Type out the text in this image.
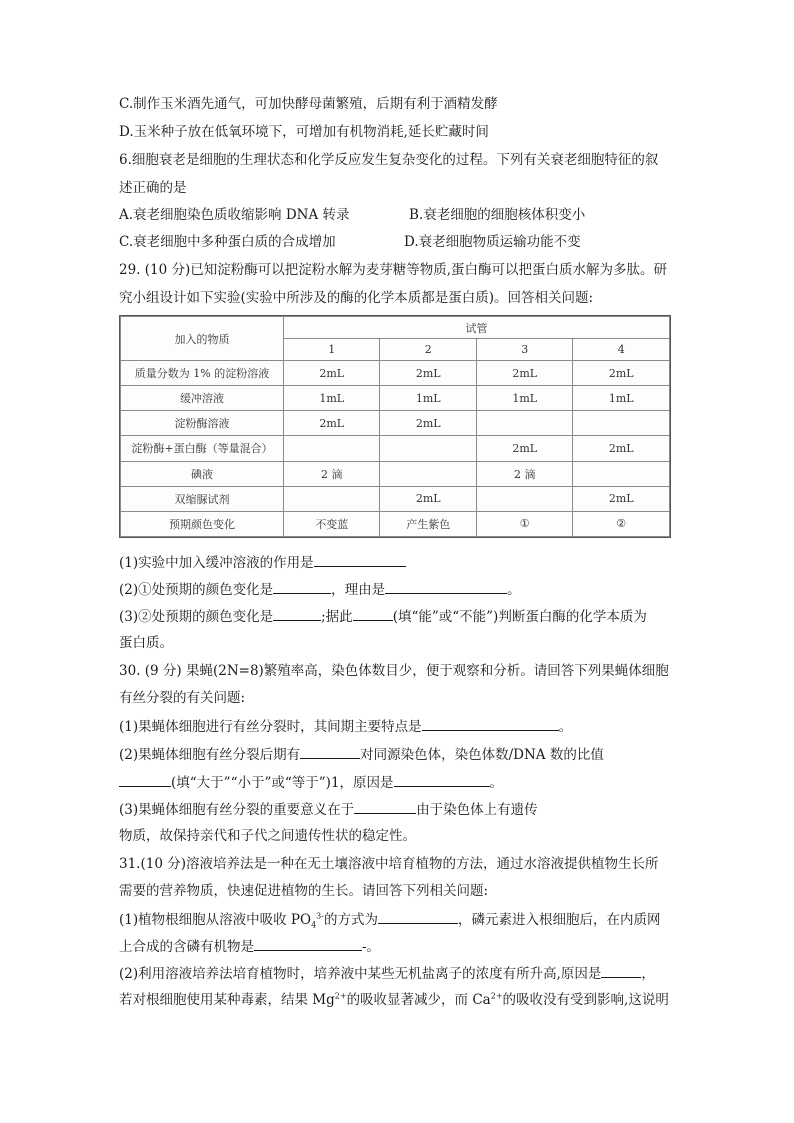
C.制作玉米酒先通气，可加快酵母菌繁殖，后期有利于酒精发酵
D.玉米种子放在低氧环境下，可增加有机物消耗,延长贮藏时间
6.细胞衰老是细胞的生理状态和化学反应发生复杂变化的过程。下列有关衰老细胞特征的叙
述正确的是
A.衰老细胞染色质收缩影响 DNA 转录	B.衰老细胞的细胞核体积变小
C.衰老细胞中多种蛋白质的合成增加	D.衰老细胞物质运输功能不变
29. (10 分)已知淀粉酶可以把淀粉水解为麦芽糖等物质,蛋白酶可以把蛋白质水解为多肽。研
究小组设计如下实验(实验中所涉及的酶的化学本质都是蛋白质)。回答相关问题:
加入的物质	试管			
	1	2	3	4
质量分数为 1% 的淀粉溶液	2mL	2mL	2mL	2mL
缓冲溶液	1mL	1mL	1mL	1mL
淀粉酶溶液	2mL	2mL		
淀粉酶+蛋白酶（等量混合）			2mL	2mL
碘液	2 滴		2 滴	
双缩脲试剂		2mL		2mL
预期颜色变化	不变蓝	产生紫色	①	②
(1)实验中加入缓冲溶液的作用是
(2)①处预期的颜色变化是	，理由是	。
(3)②处预期的颜色变化是	;据此	(填“能”或“不能”)判断蛋白酶的化学本质为
蛋白质。
30. (9 分) 果蝇(2N=8)繁殖率高，染色体数目少，便于观察和分析。请回答下列果蝇体细胞
有丝分裂的有关问题:
(1)果蝇体细胞进行有丝分裂时，其间期主要特点是	。
(2)果蝇体细胞有丝分裂后期有	对同源染色体，染色体数/DNA 数的比值
(填“大于”“小于”或“等于”)1，原因是	。
(3)果蝇体细胞有丝分裂的重要意义在于	由于染色体上有遗传
物质，故保持亲代和子代之间遗传性状的稳定性。
31.(10 分)溶液培养法是一种在无土壤溶液中培育植物的方法，通过水溶液提供植物生长所
需要的营养物质，快速促进植物的生长。请回答下列相关问题:
(1)植物根细胞从溶液中吸收 $PO_4^{3-}$的方式为	，磷元素进入根细胞后，在内质网
上合成的含磷有机物是	-。
(2)利用溶液培养法培育植物时，培养液中某些无机盐离子的浓度有所升高,原因是	，
若对根细胞使用某种毒素，结果 $Mg^{2+}$的吸收显著减少，而 $Ca^{2+}$的吸收没有受到影响,这说明
